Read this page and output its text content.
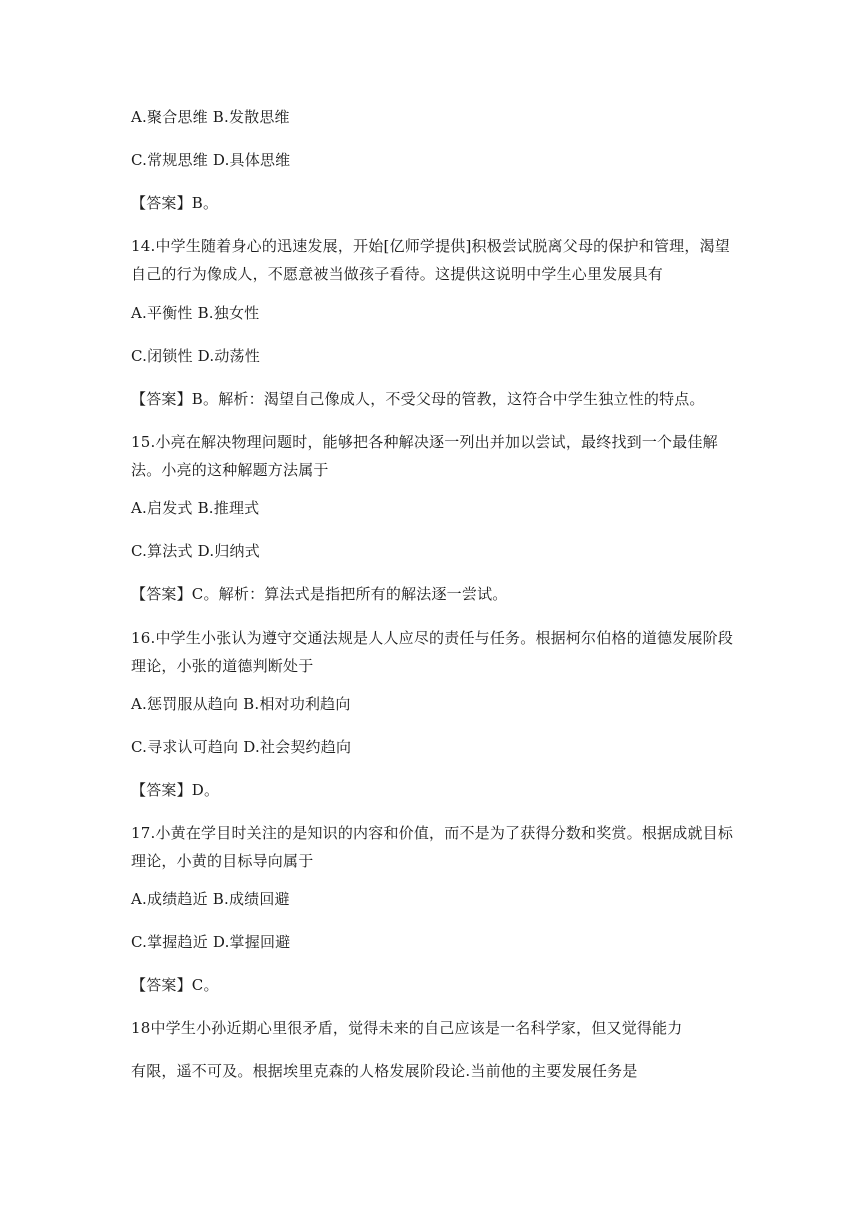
A.聚合思维 B.发散思维
C.常规思维 D.具体思维
【答案】B。
14.中学生随着身心的迅速发展，开始[亿师学提供]积极尝试脱离父母的保护和管理，渴望自己的行为像成人，不愿意被当做孩子看待。这提供这说明中学生心里发展具有
A.平衡性 B.独女性
C.闭锁性 D.动荡性
【答案】B。解析：渴望自己像成人，不受父母的管教，这符合中学生独立性的特点。
15.小亮在解决物理问题时，能够把各种解决逐一列出并加以尝试，最终找到一个最佳解法。小亮的这种解题方法属于
A.启发式 B.推理式
C.算法式 D.归纳式
【答案】C。解析：算法式是指把所有的解法逐一尝试。
16.中学生小张认为遵守交通法规是人人应尽的责任与任务。根据柯尔伯格的道德发展阶段理论，小张的道德判断处于
A.惩罚服从趋向 B.相对功利趋向
C.寻求认可趋向 D.社会契约趋向
【答案】D。
17.小黄在学目时关注的是知识的内容和价值，而不是为了获得分数和奖赏。根据成就目标理论，小黄的目标导向属于
A.成绩趋近 B.成绩回避
C.掌握趋近 D.掌握回避
【答案】C。
18中学生小孙近期心里很矛盾，觉得未来的自己应该是一名科学家，但又觉得能力
有限，遥不可及。根据埃里克森的人格发展阶段论.当前他的主要发展任务是
